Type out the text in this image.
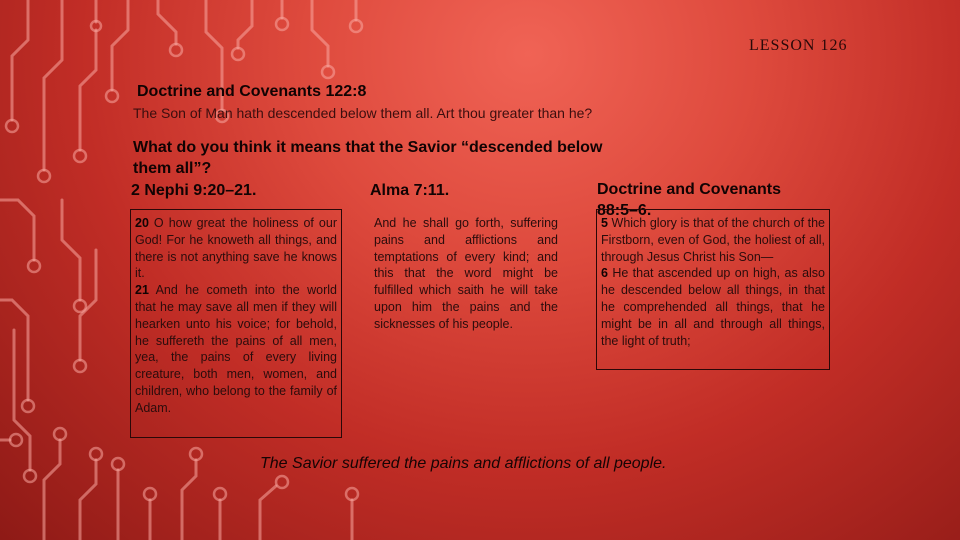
LESSON 126
Doctrine and Covenants 122:8
The Son of Man hath descended below them all. Art thou greater than he?
What do you think it means that the Savior “descended below
them all”?
2 Nephi 9:20–21.	Alma 7:11.	Doctrine and Covenants
88:5–6.

20 O how great the holiness of our God! For he knoweth all things, and there is not anything save he knows it.

21 And he cometh into the world that he may save all men if they will hearken unto his voice; for behold, he suffereth the pains of all men, yea, the pains of every living creature, both men, women, and children, who belong to the family of Adam.

And he shall go forth, suffering pains and afflictions and temptations of every kind; and this that the word might be fulfilled which saith he will take upon him the pains and the sicknesses of his people.

5 Which glory is that of the church of the Firstborn, even of God, the holiest of all, through Jesus Christ his Son—

6 He that ascended up on high, as also he descended below all things, in that he comprehended all things, that he might be in all and through all things, the light of truth;

The Savior suffered the pains and afflictions of all people.
